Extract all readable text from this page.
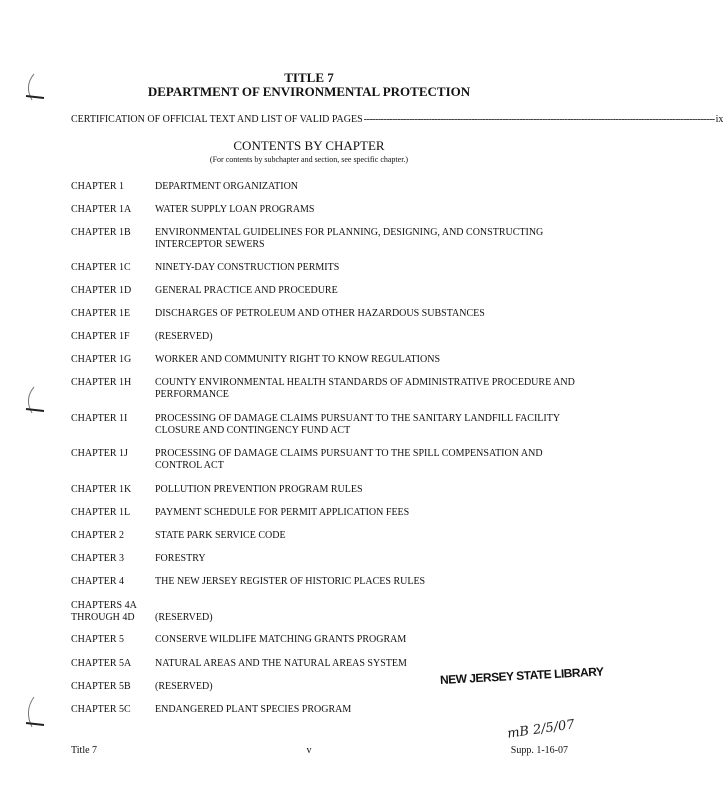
TITLE 7
DEPARTMENT OF ENVIRONMENTAL PROTECTION
CERTIFICATION OF OFFICIAL TEXT AND LIST OF VALID PAGES ---------------------------------------------------------------------------------------------------------------------------- ix
CONTENTS BY CHAPTER
(For contents by subchapter and section, see specific chapter.)
CHAPTER 1	DEPARTMENT ORGANIZATION
CHAPTER 1A	WATER SUPPLY LOAN PROGRAMS
CHAPTER 1B	ENVIRONMENTAL GUIDELINES FOR PLANNING, DESIGNING, AND CONSTRUCTING INTERCEPTOR SEWERS
CHAPTER 1C	NINETY-DAY CONSTRUCTION PERMITS
CHAPTER 1D	GENERAL PRACTICE AND PROCEDURE
CHAPTER 1E	DISCHARGES OF PETROLEUM AND OTHER HAZARDOUS SUBSTANCES
CHAPTER 1F	(RESERVED)
CHAPTER 1G	WORKER AND COMMUNITY RIGHT TO KNOW REGULATIONS
CHAPTER 1H	COUNTY ENVIRONMENTAL HEALTH STANDARDS OF ADMINISTRATIVE PROCEDURE AND PERFORMANCE
CHAPTER 1I	PROCESSING OF DAMAGE CLAIMS PURSUANT TO THE SANITARY LANDFILL FACILITY CLOSURE AND CONTINGENCY FUND ACT
CHAPTER 1J	PROCESSING OF DAMAGE CLAIMS PURSUANT TO THE SPILL COMPENSATION AND CONTROL ACT
CHAPTER 1K	POLLUTION PREVENTION PROGRAM RULES
CHAPTER 1L	PAYMENT SCHEDULE FOR PERMIT APPLICATION FEES
CHAPTER 2	STATE PARK SERVICE CODE
CHAPTER 3	FORESTRY
CHAPTER 4	THE NEW JERSEY REGISTER OF HISTORIC PLACES RULES
CHAPTERS 4A
THROUGH 4D	(RESERVED)
CHAPTER 5	CONSERVE WILDLIFE MATCHING GRANTS PROGRAM
CHAPTER 5A	NATURAL AREAS AND THE NATURAL AREAS SYSTEM
CHAPTER 5B	(RESERVED)
CHAPTER 5C	ENDANGERED PLANT SPECIES PROGRAM
NEW JERSEY STATE LIBRARY
mB 2/5/07
Title 7	v	Supp. 1-16-07
